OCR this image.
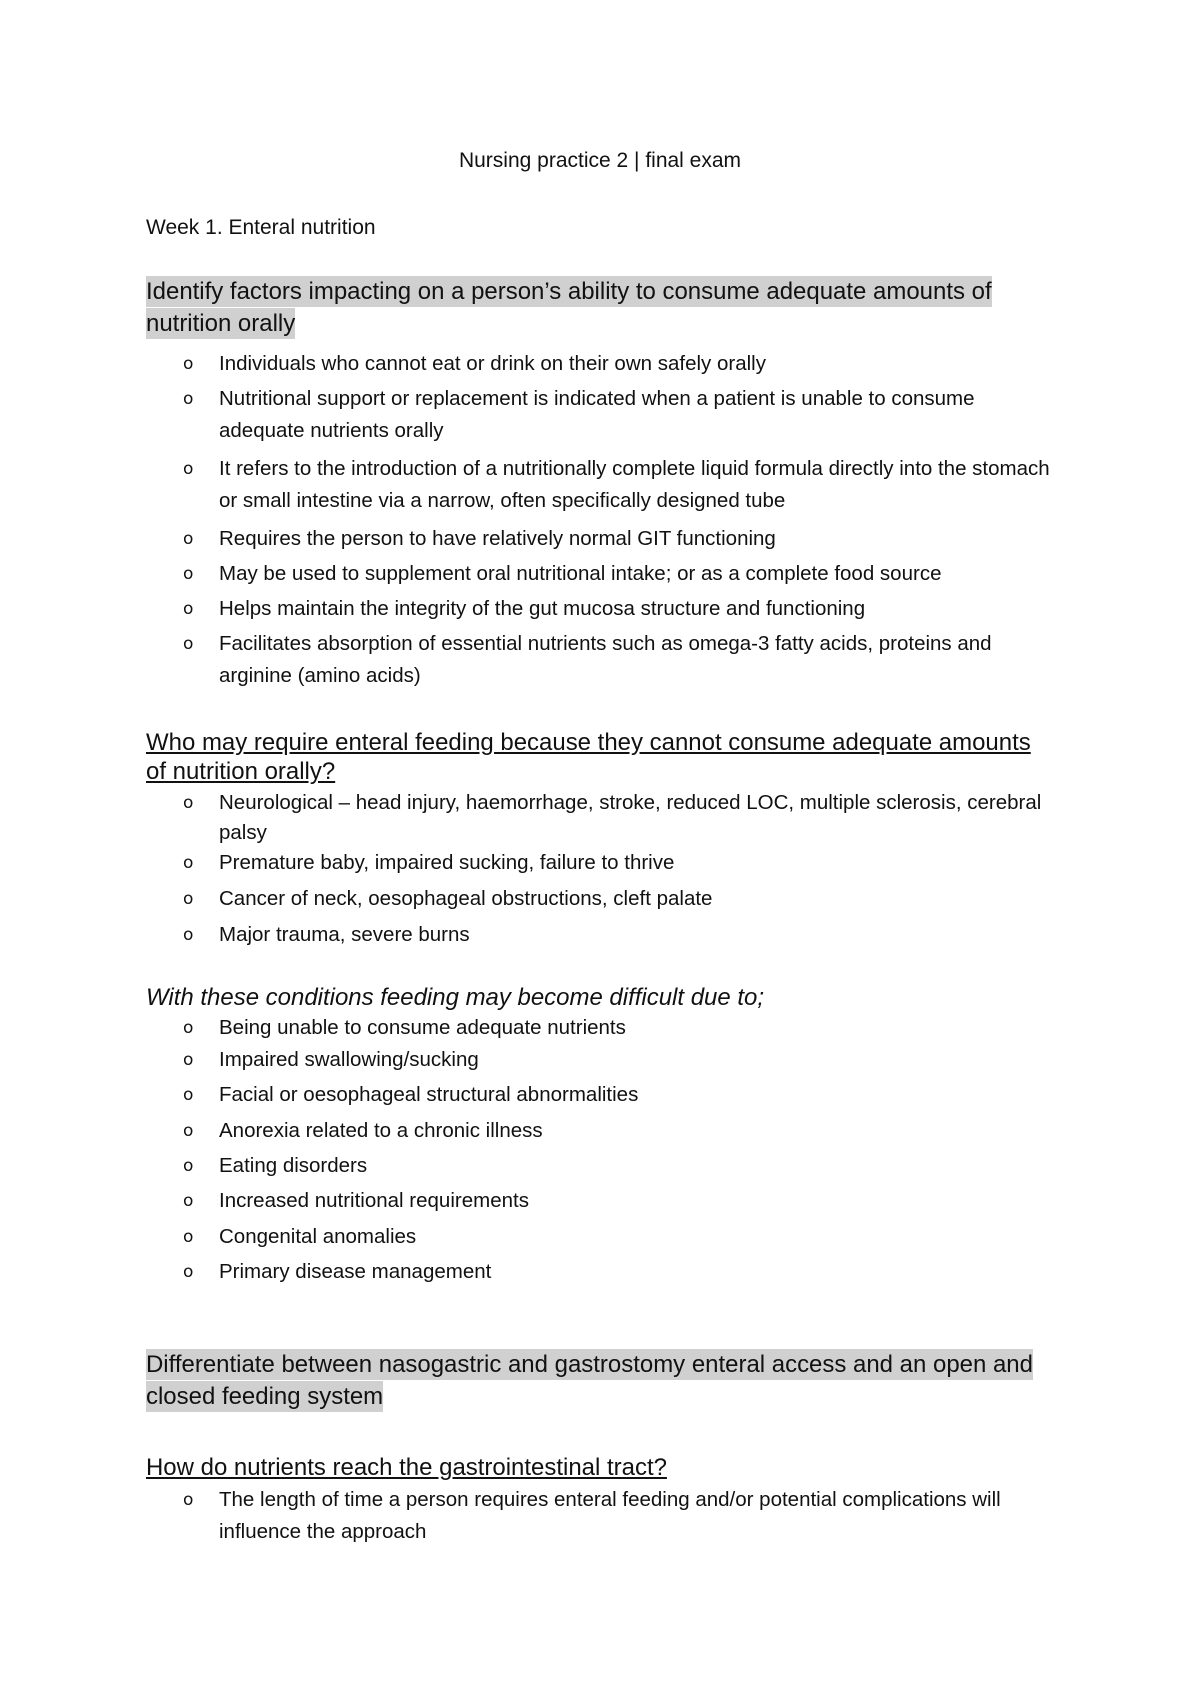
Nursing practice 2 | final exam
Week 1. Enteral nutrition
Identify factors impacting on a person’s ability to consume adequate amounts of nutrition orally
o Individuals who cannot eat or drink on their own safely orally
o Nutritional support or replacement is indicated when a patient is unable to consume adequate nutrients orally
o It refers to the introduction of a nutritionally complete liquid formula directly into the stomach or small intestine via a narrow, often specifically designed tube
o Requires the person to have relatively normal GIT functioning
o May be used to supplement oral nutritional intake; or as a complete food source
o Helps maintain the integrity of the gut mucosa structure and functioning
o Facilitates absorption of essential nutrients such as omega-3 fatty acids, proteins and arginine (amino acids)
Who may require enteral feeding because they cannot consume adequate amounts of nutrition orally?
o Neurological – head injury, haemorrhage, stroke, reduced LOC, multiple sclerosis, cerebral palsy
o Premature baby, impaired sucking, failure to thrive
o Cancer of neck, oesophageal obstructions, cleft palate
o Major trauma, severe burns
With these conditions feeding may become difficult due to;
o Being unable to consume adequate nutrients
o Impaired swallowing/sucking
o Facial or oesophageal structural abnormalities
o Anorexia related to a chronic illness
o Eating disorders
o Increased nutritional requirements
o Congenital anomalies
o Primary disease management
Differentiate between nasogastric and gastrostomy enteral access and an open and closed feeding system
How do nutrients reach the gastrointestinal tract?
o The length of time a person requires enteral feeding and/or potential complications will influence the approach
